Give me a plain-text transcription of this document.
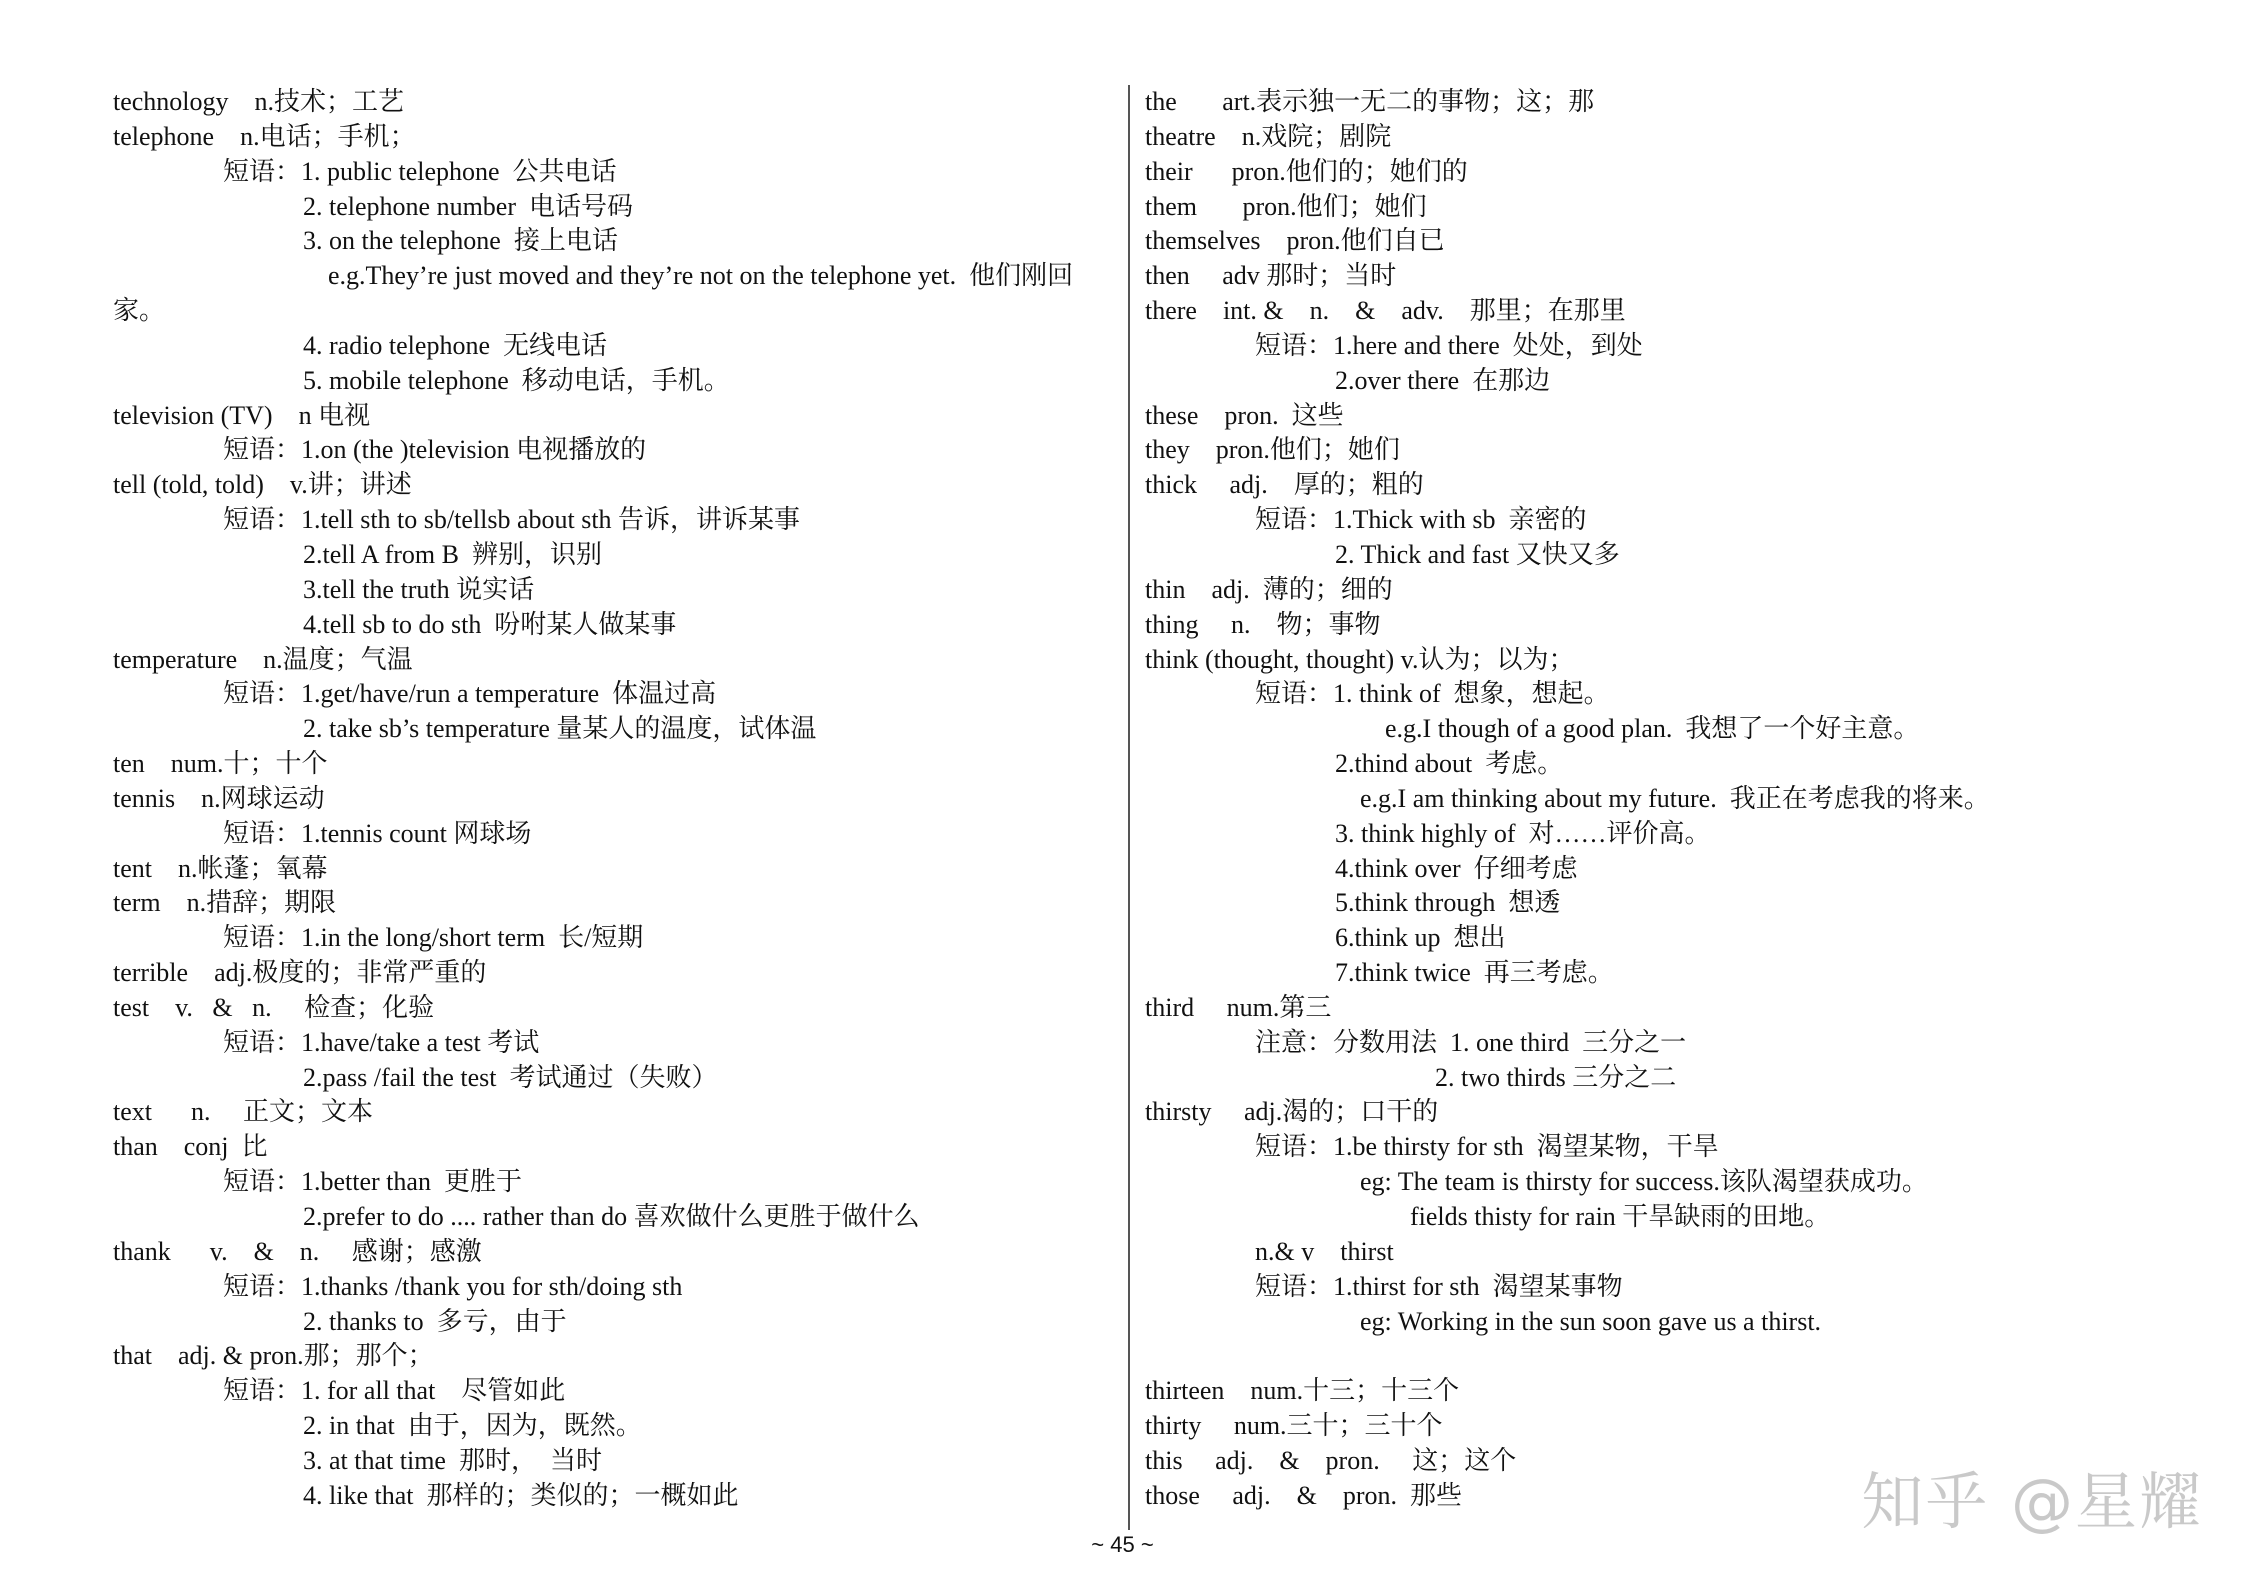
technology    n.技术；工艺
telephone    n.电话；手机；
短语：1. public telephone  公共电话
2. telephone number  电话号码
3. on the telephone  接上电话
e.g.They’re just moved and they’re not on the telephone yet.  他们刚回
家。
4. radio telephone  无线电话
5. mobile telephone  移动电话，手机。
television (TV)    n 电视
短语：1.on (the )television 电视播放的
tell (told, told)    v.讲；讲述
短语：1.tell sth to sb/tellsb about sth 告诉，讲诉某事
2.tell A from B  辨别，识别
3.tell the truth 说实话
4.tell sb to do sth  吩咐某人做某事
temperature    n.温度；气温
短语：1.get/have/run a temperature  体温过高
2. take sb’s temperature 量某人的温度，试体温
ten    num.十；十个
tennis    n.网球运动
短语：1.tennis count 网球场
tent    n.帐蓬；氧幕
term    n.措辞；期限
短语：1.in the long/short term  长/短期
terrible    adj.极度的；非常严重的
test    v.   &   n.     检查；化验
短语：1.have/take a test 考试
2.pass /fail the test  考试通过（失败）
text      n.     正文；文本
than    conj  比
短语：1.better than  更胜于
2.prefer to do .... rather than do 喜欢做什么更胜于做什么
thank      v.    &    n.     感谢；感激
短语：1.thanks /thank you for sth/doing sth
2. thanks to  多亏，由于
that    adj. & pron.那；那个；
短语：1. for all that    尽管如此
2. in that  由于，因为，既然。
3. at that time  那时，  当时
4. like that  那样的；类似的；一概如此
the       art.表示独一无二的事物；这；那
theatre    n.戏院；剧院
their      pron.他们的；她们的
them       pron.他们；她们
themselves    pron.他们自已
then     adv 那时；当时
there    int. &    n.    &    adv.    那里；在那里
短语：1.here and there  处处，到处
2.over there  在那边
these    pron.  这些
they    pron.他们；她们
thick     adj.    厚的；粗的
短语：1.Thick with sb  亲密的
2. Thick and fast 又快又多
thin    adj.  薄的；细的
thing     n.    物；事物
think (thought, thought) v.认为；以为；
短语：1. think of  想象，想起。
e.g.I though of a good plan.  我想了一个好主意。
2.thind about  考虑。
e.g.I am thinking about my future.  我正在考虑我的将来。
3. think highly of  对……评价高。
4.think over  仔细考虑
5.think through  想透
6.think up  想出
7.think twice  再三考虑。
third     num.第三
注意：分数用法  1. one third  三分之一
2. two thirds 三分之二
thirsty     adj.渴的；口干的
短语：1.be thirsty for sth  渴望某物，干旱
eg: The team is thirsty for success.该队渴望获成功。
fields thisty for rain 干旱缺雨的田地。
n.& v    thirst
短语：1.thirst for sth  渴望某事物
eg: Working in the sun soon gave us a thirst.
thirteen    num.十三；十三个
thirty     num.三十；三十个
this     adj.    &    pron.     这；这个
those     adj.    &    pron.  那些
~ 45 ~
知乎 @星耀
